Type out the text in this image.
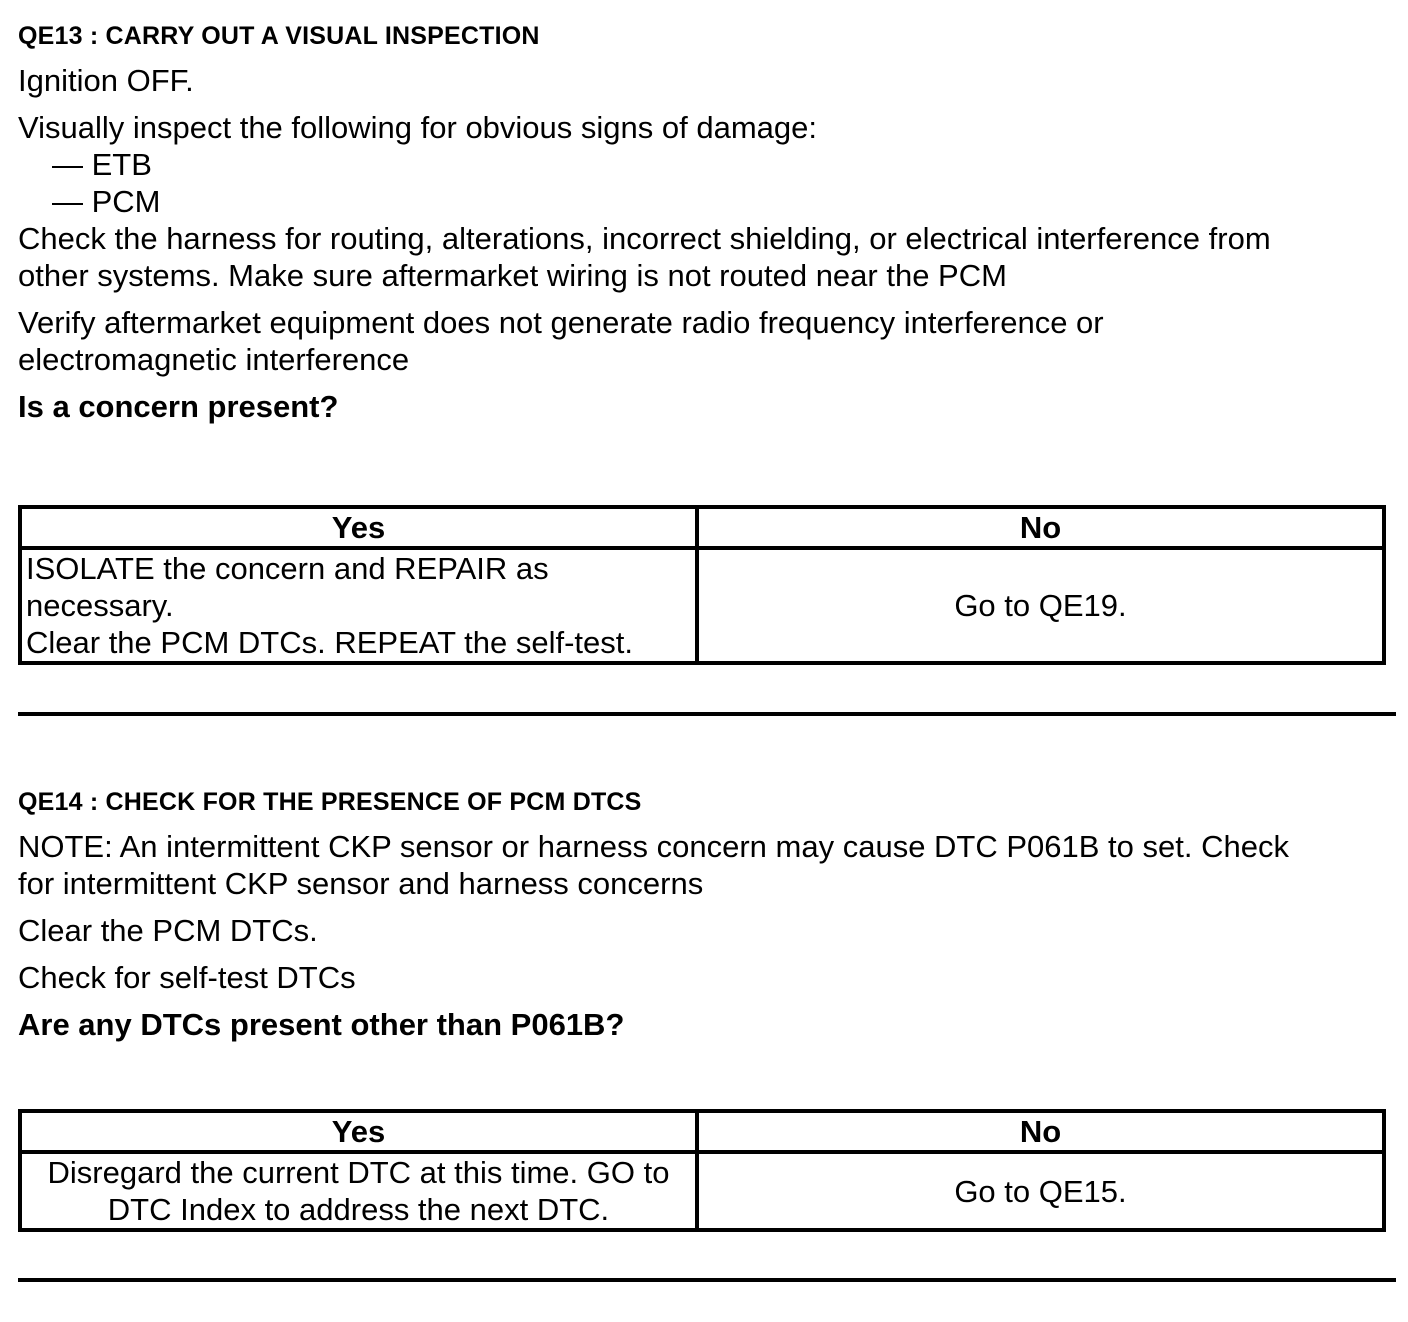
QE13 : CARRY OUT A VISUAL INSPECTION

Ignition OFF.

Visually inspect the following for obvious signs of damage:

— ETB
— PCM

Check the harness for routing, alterations, incorrect shielding, or electrical interference from
other systems. Make sure aftermarket wiring is not routed near the PCM

Verify aftermarket equipment does not generate radio frequency interference or
electromagnetic interference

Is a concern present?

Yes	No

ISOLATE the concern and REPAIR as
necessary.
Clear the PCM DTCs. REPEAT the self-test.	Go to QE19.
QE14 : CHECK FOR THE PRESENCE OF PCM DTCS

NOTE: An intermittent CKP sensor or harness concern may cause DTC P061B to set. Check
for intermittent CKP sensor and harness concerns

Clear the PCM DTCs.

Check for self-test DTCs

Are any DTCs present other than P061B?

Yes	No

Disregard the current DTC at this time. GO to
DTC Index to address the next DTC.	Go to QE15.
